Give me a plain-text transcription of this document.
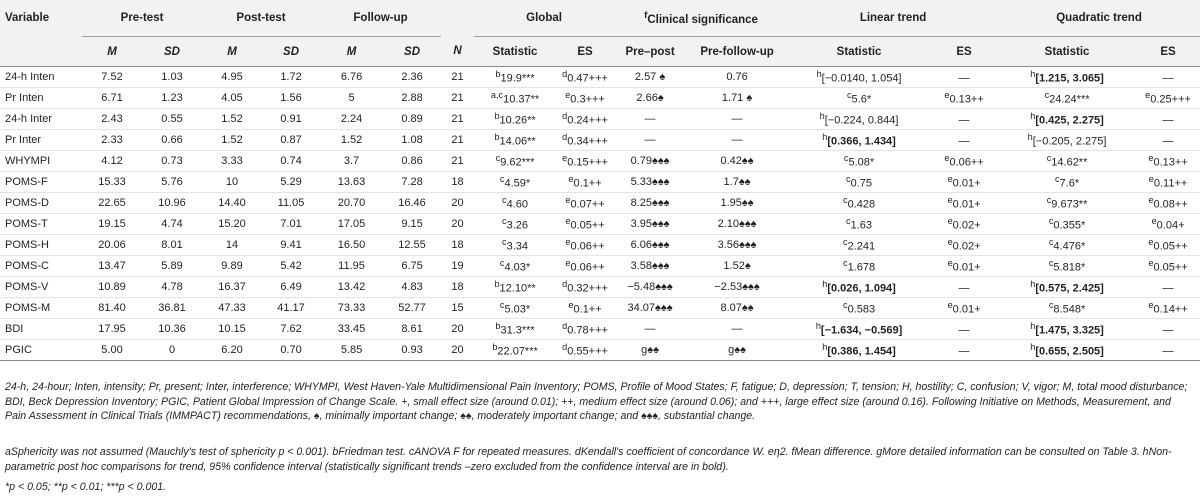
Variable	Pre-test		Post-test		Follow-up			Global		$^f$Clinical significance		Linear trend		Quadratic trend	
	M	SD	M	SD	M	SD	N	Statistic	ES	Pre–post	Pre-follow-up	Statistic	ES	Statistic	ES
24-h Inten	7.52	1.03	4.95	1.72	6.76	2.36	21	$^b$19.9***	$^d$0.47+++	2.57 ♠	0.76	$^h$[−0.0140, 1.054]	—	$^h$[1.215, 3.065]	—
Pr Inten	6.71	1.23	4.05	1.56	5	2.88	21	$^{a,c}$10.37**	$^e$0.3+++	2.66♠	1.71 ♠	$^c$5.6*	$^e$0.13++	$^c$24.24***	$^e$0.25+++
24-h Inter	2.43	0.55	1.52	0.91	2.24	0.89	21	$^b$10.26**	$^d$0.24+++	—	—	$^h$[−0.224, 0.844]	—	$^h$[0.425, 2.275]	—
Pr Inter	2.33	0.66	1.52	0.87	1.52	1.08	21	$^b$14.06**	$^d$0.34+++	—	—	$^h$[0.366, 1.434]	—	$^h$[−0.205, 2.275]	—
WHYMPI	4.12	0.73	3.33	0.74	3.7	0.86	21	$^c$9.62***	$^e$0.15+++	0.79♠♠♠	0.42♠♠	$^c$5.08*	$^e$0.06++	$^c$14.62**	$^e$0.13++
POMS-F	15.33	5.76	10	5.29	13.63	7.28	18	$^c$4.59*	$^e$0.1++	5.33♠♠♠	1.7♠♠	$^c$0.75	$^e$0.01+	$^c$7.6*	$^e$0.11++
POMS-D	22.65	10.96	14.40	11.05	20.70	16.46	20	$^c$4.60	$^e$0.07++	8.25♠♠♠	1.95♠♠	$^c$0.428	$^e$0.01+	$^c$9.673**	$^e$0.08++
POMS-T	19.15	4.74	15.20	7.01	17.05	9.15	20	$^c$3.26	$^e$0.05++	3.95♠♠♠	2.10♠♠♠	$^c$1.63	$^e$0.02+	$^c$0.355*	$^e$0.04+
POMS-H	20.06	8.01	14	9.41	16.50	12.55	18	$^c$3.34	$^e$0.06++	6.06♠♠♠	3.56♠♠♠	$^c$2.241	$^e$0.02+	$^c$4.476*	$^e$0.05++
POMS-C	13.47	5.89	9.89	5.42	11.95	6.75	19	$^c$4.03*	$^e$0.06++	3.58♠♠♠	1.52♠	$^c$1.678	$^e$0.01+	$^c$5.818*	$^e$0.05++
POMS-V	10.89	4.78	16.37	6.49	13.42	4.83	18	$^b$12.10**	$^d$0.32+++	−5.48♠♠♠	−2.53♠♠♠	$^h$[0.026, 1.094]	—	$^h$[0.575, 2.425]	—
POMS-M	81.40	36.81	47.33	41.17	73.33	52.77	15	$^c$5.03*	$^e$0.1++	34.07♠♠♠	8.07♠♠	$^c$0.583	$^e$0.01+	$^c$8.548*	$^e$0.14++
BDI	17.95	10.36	10.15	7.62	33.45	8.61	20	$^b$31.3***	$^d$0.78+++	—	—	$^h$[−1.634, −0.569]	—	$^h$[1.475, 3.325]	—
PGIC	5.00	0	6.20	0.70	5.85	0.93	20	$^b$22.07***	$^d$0.55+++	g♠♠	g♠♠	$^h$[0.386, 1.454]	—	$^h$[0.655, 2.505]	—
24-h, 24-hour; Inten, intensity; Pr, present; Inter, interference; WHYMPI, West Haven-Yale Multidimensional Pain Inventory; POMS, Profile of Mood States; F, fatigue; D, depression; T, tension; H, hostility; C, confusion; V, vigor; M, total mood disturbance; BDI, Beck Depression Inventory; PGIC, Patient Global Impression of Change Scale. +, small effect size (around 0.01); ++, medium effect size (around 0.06); and +++, large effect size (around 0.16). Following Initiative on Methods, Measurement, and Pain Assessment in Clinical Trials (IMMPACT) recommendations, ♠, minimally important change; ♠♠, moderately important change; and ♠♠♠, substantial change.
aSphericity was not assumed (Mauchly's test of sphericity p < 0.001). bFriedman test. cANOVA F for repeated measures. dKendall's coefficient of concordance W. eη2. fMean difference. gMore detailed information can be consulted on Table 3. hNon-parametric post hoc comparisons for trend, 95% confidence interval (statistically significant trends –zero excluded from the confidence interval are in bold).
*p < 0.05; **p < 0.01; ***p < 0.001.
